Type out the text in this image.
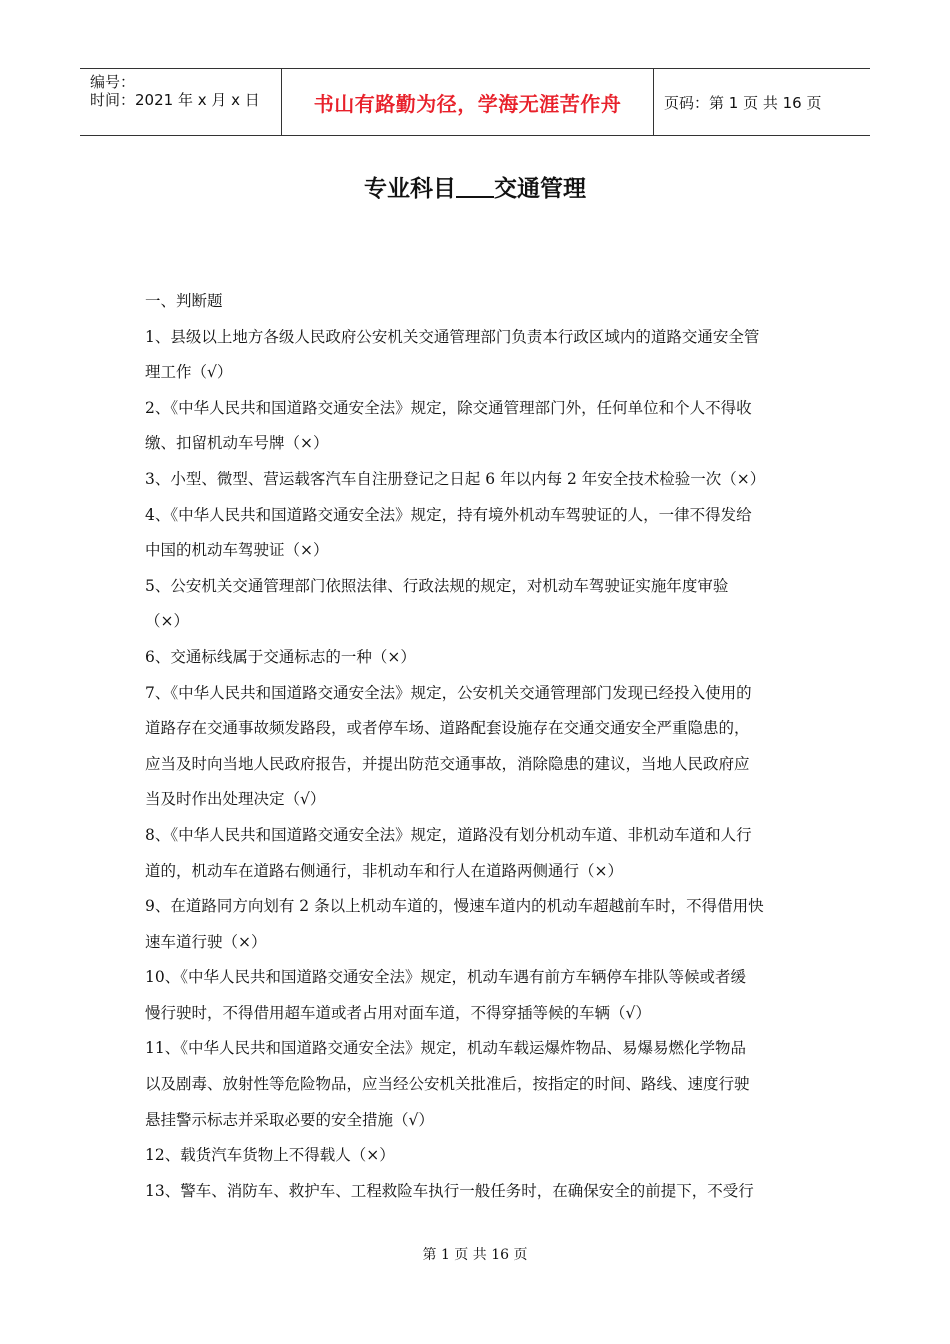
编号：
时间：2021 年 x 月 x 日	书山有路勤为径，学海无涯苦作舟	页码：第 1 页 共 16 页
专业科目 交通管理

一、判断题

1、县级以上地方各级人民政府公安机关交通管理部门负责本行政区域内的道路交通安全管

理工作（√）

2、《中华人民共和国道路交通安全法》规定，除交通管理部门外，任何单位和个人不得收

缴、扣留机动车号牌（×）

3、小型、微型、营运载客汽车自注册登记之日起 6 年以内每 2 年安全技术检验一次（×）

4、《中华人民共和国道路交通安全法》规定，持有境外机动车驾驶证的人，一律不得发给

中国的机动车驾驶证（×）

5、公安机关交通管理部门依照法律、行政法规的规定，对机动车驾驶证实施年度审验

（×）

6、交通标线属于交通标志的一种（×）

7、《中华人民共和国道路交通安全法》规定，公安机关交通管理部门发现已经投入使用的

道路存在交通事故频发路段，或者停车场、道路配套设施存在交通交通安全严重隐患的，

应当及时向当地人民政府报告，并提出防范交通事故，消除隐患的建议，当地人民政府应

当及时作出处理决定（√）

8、《中华人民共和国道路交通安全法》规定，道路没有划分机动车道、非机动车道和人行

道的，机动车在道路右侧通行，非机动车和行人在道路两侧通行（×）

9、在道路同方向划有 2 条以上机动车道的，慢速车道内的机动车超越前车时，不得借用快

速车道行驶（×）

10、《中华人民共和国道路交通安全法》规定，机动车遇有前方车辆停车排队等候或者缓

慢行驶时，不得借用超车道或者占用对面车道，不得穿插等候的车辆（√）

11、《中华人民共和国道路交通安全法》规定，机动车载运爆炸物品、易爆易燃化学物品

以及剧毒、放射性等危险物品，应当经公安机关批准后，按指定的时间、路线、速度行驶

悬挂警示标志并采取必要的安全措施（√）

12、载货汽车货物上不得载人（×）

13、警车、消防车、救护车、工程救险车执行一般任务时，在确保安全的前提下，不受行

第 1 页 共 16 页
